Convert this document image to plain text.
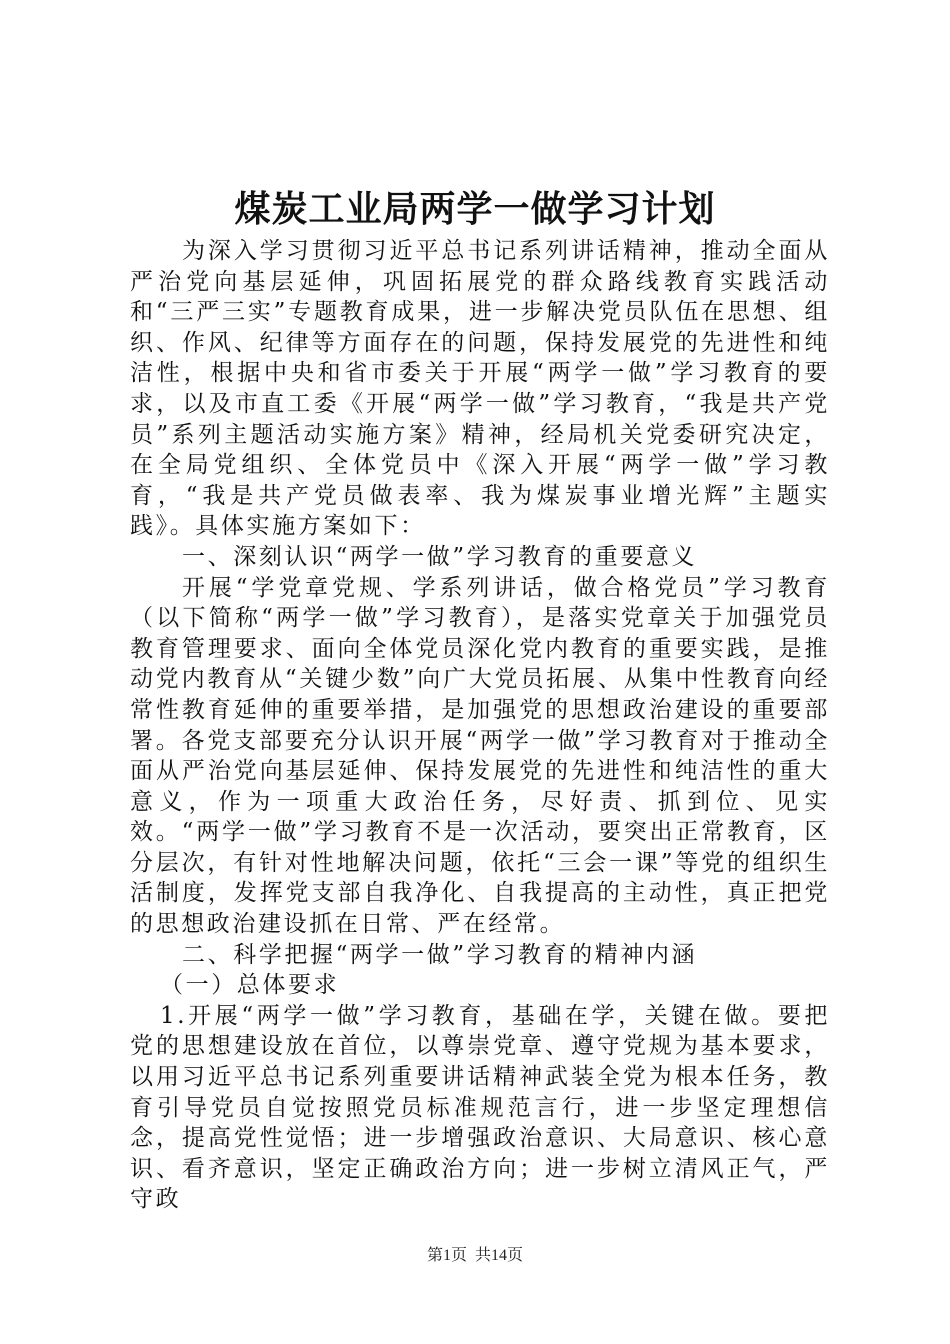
煤炭工业局两学一做学习计划

为深入学习贯彻习近平总书记系列讲话精神，推动全面从严治党向基层延伸，巩固拓展党的群众路线教育实践活动和“三严三实”专题教育成果，进一步解决党员队伍在思想、组织、作风、纪律等方面存在的问题，保持发展党的先进性和纯洁性，根据中央和省市委关于开展“两学一做”学习教育的要求，以及市直工委《开展“两学一做”学习教育，“我是共产党员”系列主题活动实施方案》精神，经局机关党委研究决定，在全局党组织、全体党员中《深入开展“两学一做”学习教育，“我是共产党员做表率、我为煤炭事业增光辉”主题实践》。具体实施方案如下：

一、深刻认识“两学一做”学习教育的重要意义

开展“学党章党规、学系列讲话，做合格党员”学习教育（以下简称“两学一做”学习教育），是落实党章关于加强党员教育管理要求、面向全体党员深化党内教育的重要实践，是推动党内教育从“关键少数”向广大党员拓展、从集中性教育向经常性教育延伸的重要举措，是加强党的思想政治建设的重要部署。各党支部要充分认识开展“两学一做”学习教育对于推动全面从严治党向基层延伸、保持发展党的先进性和纯洁性的重大意义，作为一项重大政治任务，尽好责、抓到位、见实效。“两学一做”学习教育不是一次活动，要突出正常教育，区分层次，有针对性地解决问题，依托“三会一课”等党的组织生活制度，发挥党支部自我净化、自我提高的主动性，真正把党的思想政治建设抓在日常、严在经常。

二、科学把握“两学一做”学习教育的精神内涵

（一）总体要求

1.开展“两学一做”学习教育，基础在学，关键在做。要把党的思想建设放在首位，以尊崇党章、遵守党规为基本要求，以用习近平总书记系列重要讲话精神武装全党为根本任务，教育引导党员自觉按照党员标准规范言行，进一步坚定理想信念，提高党性觉悟；进一步增强政治意识、大局意识、核心意识、看齐意识，坚定正确政治方向；进一步树立清风正气，严守政

第1页 共14页
